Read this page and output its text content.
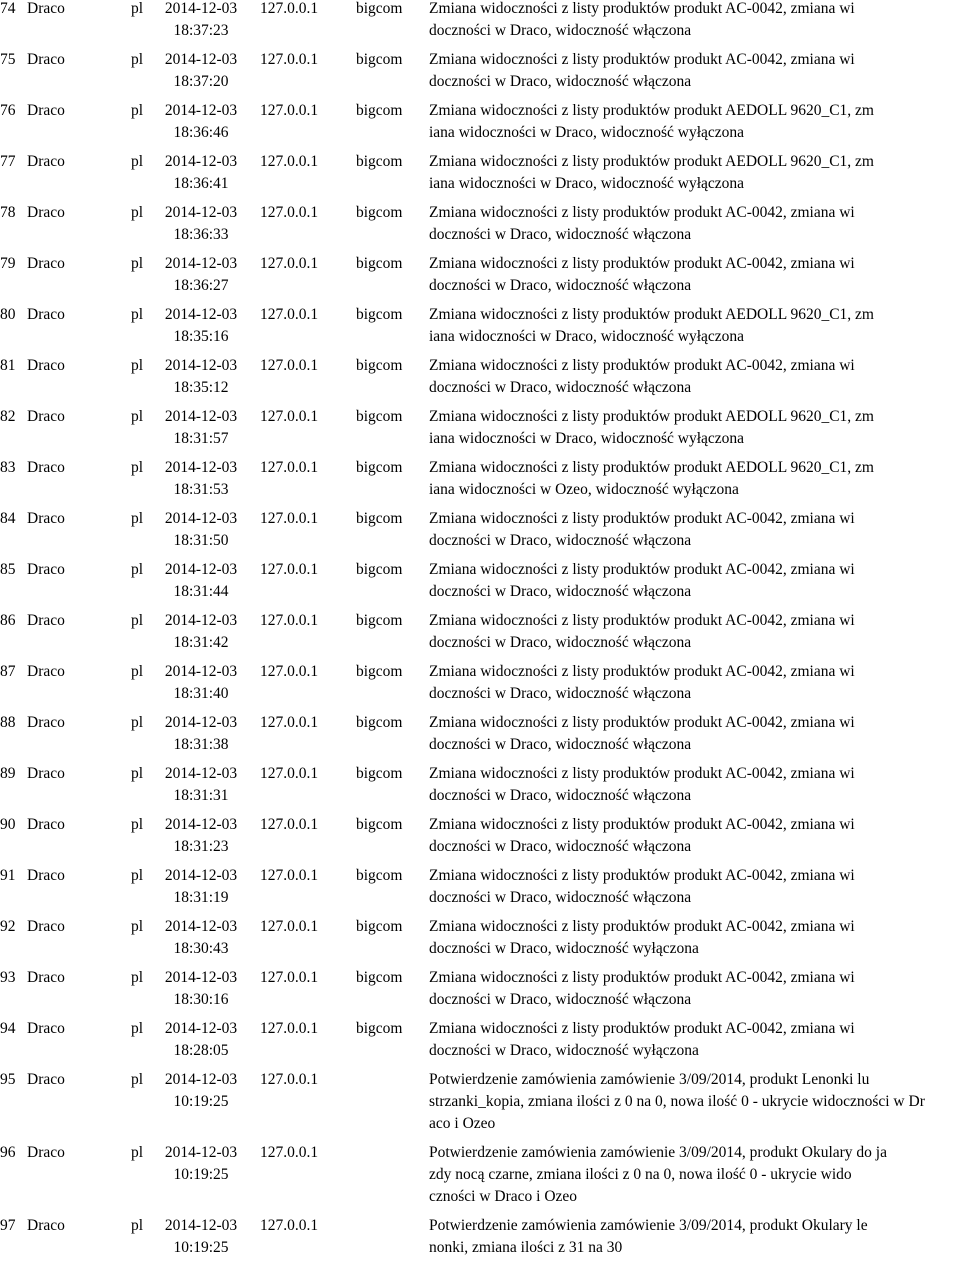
74 Draco	pl 2014-12-03
18:37:23
127.0.0.1 bigcom Zmiana widoczności z listy produktów produkt AC-0042, zmiana wi
doczności w Draco, widoczność włączona
75 Draco	pl 2014-12-03
18:37:20
127.0.0.1 bigcom Zmiana widoczności z listy produktów produkt AC-0042, zmiana wi
doczności w Draco, widoczność włączona
76 Draco	pl 2014-12-03
18:36:46
127.0.0.1 bigcom Zmiana widoczności z listy produktów produkt AEDOLL 9620_C1, zm
iana widoczności w Draco, widoczność wyłączona
77 Draco	pl 2014-12-03
18:36:41
127.0.0.1 bigcom Zmiana widoczności z listy produktów produkt AEDOLL 9620_C1, zm
iana widoczności w Draco, widoczność wyłączona
78 Draco	pl 2014-12-03
18:36:33
127.0.0.1 bigcom Zmiana widoczności z listy produktów produkt AC-0042, zmiana wi
doczności w Draco, widoczność włączona
79 Draco	pl 2014-12-03
18:36:27
127.0.0.1 bigcom Zmiana widoczności z listy produktów produkt AC-0042, zmiana wi
doczności w Draco, widoczność włączona
80 Draco	pl 2014-12-03
18:35:16
127.0.0.1 bigcom Zmiana widoczności z listy produktów produkt AEDOLL 9620_C1, zm
iana widoczności w Draco, widoczność wyłączona
81 Draco	pl 2014-12-03
18:35:12
127.0.0.1 bigcom Zmiana widoczności z listy produktów produkt AC-0042, zmiana wi
doczności w Draco, widoczność włączona
82 Draco	pl 2014-12-03
18:31:57
127.0.0.1 bigcom Zmiana widoczności z listy produktów produkt AEDOLL 9620_C1, zm
iana widoczności w Draco, widoczność wyłączona
83 Draco	pl 2014-12-03
18:31:53
127.0.0.1 bigcom Zmiana widoczności z listy produktów produkt AEDOLL 9620_C1, zm
iana widoczności w Ozeo, widoczność wyłączona
84 Draco	pl 2014-12-03
18:31:50
127.0.0.1 bigcom Zmiana widoczności z listy produktów produkt AC-0042, zmiana wi
doczności w Draco, widoczność włączona
85 Draco	pl 2014-12-03
18:31:44
127.0.0.1 bigcom Zmiana widoczności z listy produktów produkt AC-0042, zmiana wi
doczności w Draco, widoczność włączona
86 Draco	pl 2014-12-03
18:31:42
127.0.0.1 bigcom Zmiana widoczności z listy produktów produkt AC-0042, zmiana wi
doczności w Draco, widoczność włączona
87 Draco	pl 2014-12-03
18:31:40
127.0.0.1 bigcom Zmiana widoczności z listy produktów produkt AC-0042, zmiana wi
doczności w Draco, widoczność włączona
88 Draco	pl 2014-12-03
18:31:38
127.0.0.1 bigcom Zmiana widoczności z listy produktów produkt AC-0042, zmiana wi
doczności w Draco, widoczność włączona
89 Draco	pl 2014-12-03
18:31:31
127.0.0.1 bigcom Zmiana widoczności z listy produktów produkt AC-0042, zmiana wi
doczności w Draco, widoczność włączona
90 Draco	pl 2014-12-03
18:31:23
127.0.0.1 bigcom Zmiana widoczności z listy produktów produkt AC-0042, zmiana wi
doczności w Draco, widoczność włączona
91 Draco	pl 2014-12-03
18:31:19
127.0.0.1 bigcom Zmiana widoczności z listy produktów produkt AC-0042, zmiana wi
doczności w Draco, widoczność włączona
92 Draco	pl 2014-12-03
18:30:43
127.0.0.1 bigcom Zmiana widoczności z listy produktów produkt AC-0042, zmiana wi
doczności w Draco, widoczność wyłączona
93 Draco	pl 2014-12-03
18:30:16
127.0.0.1 bigcom Zmiana widoczności z listy produktów produkt AC-0042, zmiana wi
doczności w Draco, widoczność włączona
94 Draco	pl 2014-12-03
18:28:05
127.0.0.1 bigcom Zmiana widoczności z listy produktów produkt AC-0042, zmiana wi
doczności w Draco, widoczność wyłączona
95 Draco	pl 2014-12-03
10:19:25
127.0.0.1	Potwierdzenie zamówienia zamówienie 3/09/2014, produkt Lenonki lu
strzanki_kopia, zmiana ilości z 0 na 0, nowa ilość 0 - ukrycie widoczności w Dr
aco i Ozeo
96 Draco	pl 2014-12-03
10:19:25
127.0.0.1	Potwierdzenie zamówienia zamówienie 3/09/2014, produkt Okulary do ja
zdy nocą czarne, zmiana ilości z 0 na 0, nowa ilość 0 - ukrycie wido
czności w Draco i Ozeo
97 Draco	pl 2014-12-03
10:19:25
127.0.0.1	Potwierdzenie zamówienia zamówienie 3/09/2014, produkt Okulary le
nonki, zmiana ilości z 31 na 30
